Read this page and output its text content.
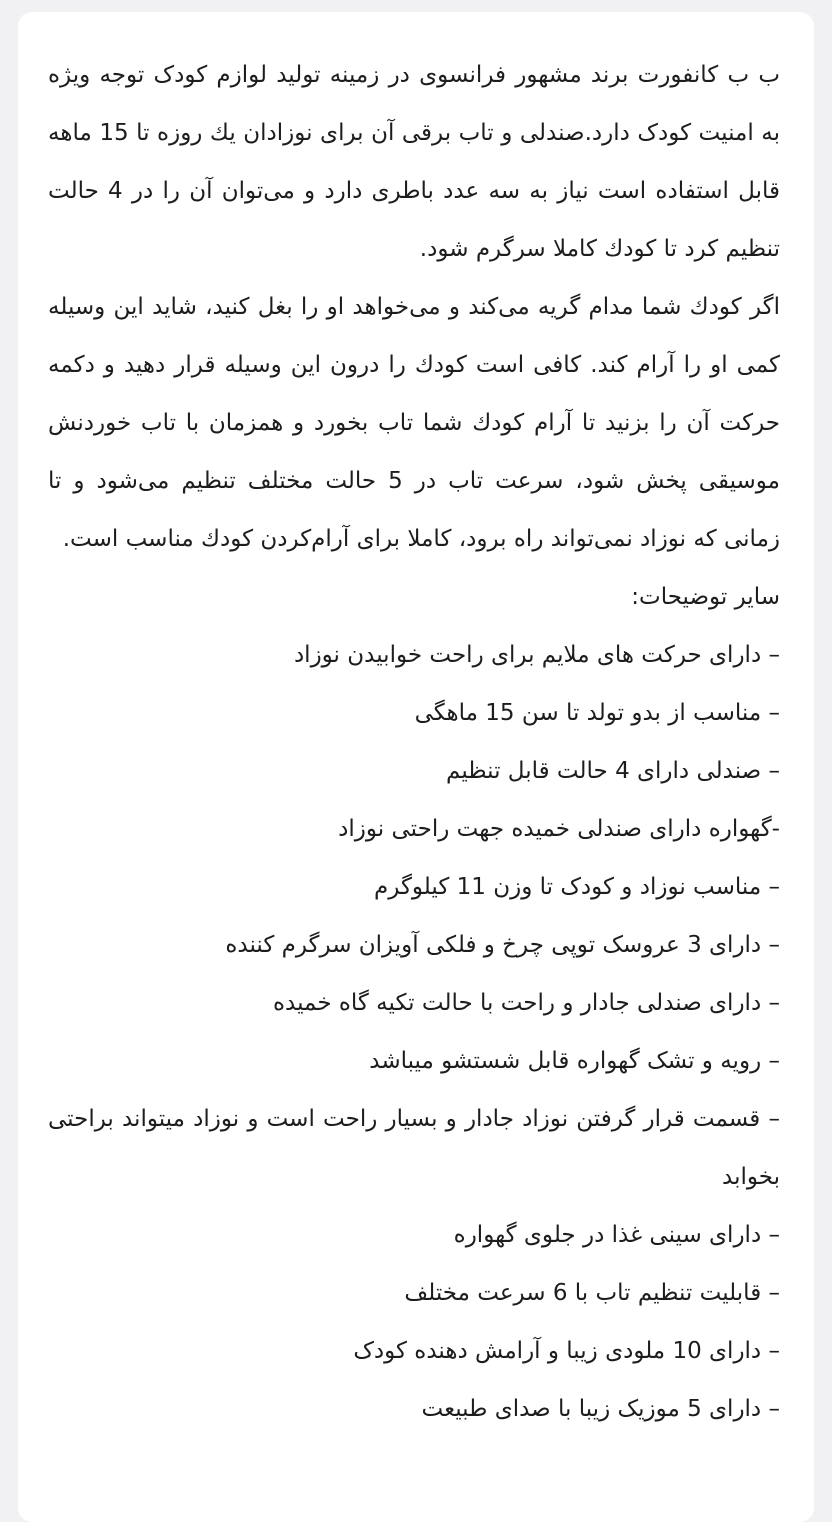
ب ب کانفورت برند مشهور فرانسوی در زمینه تولید لوازم کودک توجه ویژه به امنیت کودک دارد.صندلی و تاب برقی آن برای نوزادان یك روزه تا 15 ماهه قابل استفاده است نیاز به سه عدد باطری دارد و می‌توان آن را در 4 حالت تنظیم کرد تا کودك کاملا سرگرم شود.

اگر کودك شما مدام گریه می‌کند و می‌خواهد او را بغل کنید، شاید این وسیله کمی او را آرام کند. کافی است کودك را درون این وسیله قرار دهید و دکمه حرکت آن را بزنید تا آرام کودك شما تاب بخورد و همزمان با تاب خوردنش موسیقی پخش شود، سرعت تاب در 5 حالت مختلف تنظیم می‌شود و تا زمانی که نوزاد نمی‌تواند راه برود، کاملا برای آرام‌کردن کودك مناسب است.

سایر توضیحات:

– دارای حرکت های ملایم برای راحت خوابیدن نوزاد

– مناسب از بدو تولد تا سن 15 ماهگی

– صندلی دارای 4 حالت قابل تنظیم

-گهواره دارای صندلی خمیده جهت راحتی نوزاد

– مناسب نوزاد و کودک تا وزن 11 کیلوگرم

– دارای 3 عروسک توپی چرخ و فلکی آویزان سرگرم کننده

– دارای صندلی جادار و راحت با حالت تکیه گاه خمیده

– رویه و تشک گهواره قابل شستشو میباشد

– قسمت قرار گرفتن نوزاد جادار و بسیار راحت است و نوزاد میتواند براحتی بخوابد

– دارای سینی غذا در جلوی گهواره

– قابلیت تنظیم تاب با 6 سرعت مختلف

– دارای 10 ملودی زیبا و آرامش دهنده کودک

– دارای 5 موزیک زیبا با صدای طبیعت
